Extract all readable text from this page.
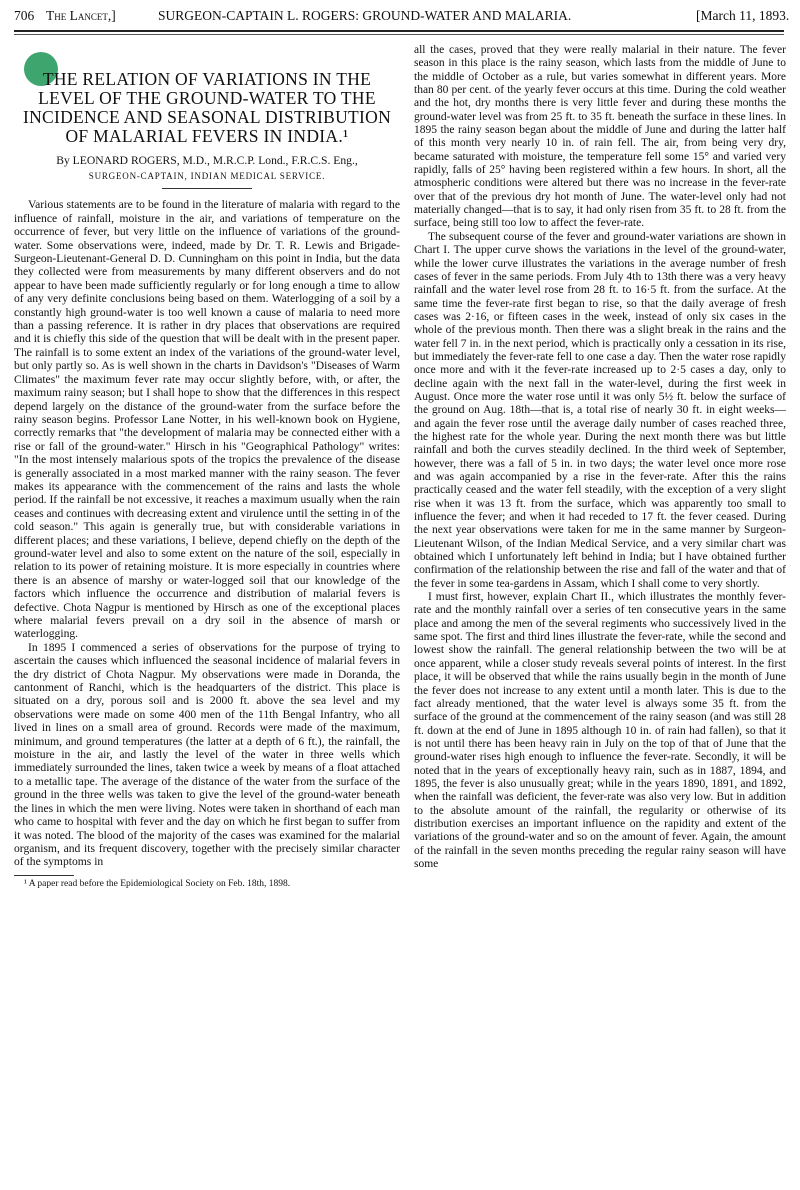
706 The Lancet,]	SURGEON-CAPTAIN L. ROGERS: GROUND-WATER AND MALARIA.	[March 11, 1893.
THE RELATION OF VARIATIONS IN THE LEVEL OF THE GROUND-WATER TO THE INCIDENCE AND SEASONAL DISTRIBUTION OF MALARIAL FEVERS IN INDIA.¹
By LEONARD ROGERS, M.D., M.R.C.P. Lond., F.R.C.S. Eng.,
SURGEON-CAPTAIN, INDIAN MEDICAL SERVICE.

Various statements are to be found in the literature of malaria with regard to the influence of rainfall, moisture in the air, and variations of temperature on the occurrence of fever, but very little on the influence of variations of the ground-water. Some observations were, indeed, made by Dr. T. R. Lewis and Brigade-Surgeon-Lieutenant-General D. D. Cunningham on this point in India, but the data they collected were from measurements by many different observers and do not appear to have been made sufficiently regularly or for long enough a time to allow of any very definite conclusions being based on them. Waterlogging of a soil by a constantly high ground-water is too well known a cause of malaria to need more than a passing reference. It is rather in dry places that observations are required and it is chiefly this side of the question that will be dealt with in the present paper. The rainfall is to some extent an index of the variations of the ground-water level, but only partly so. As is well shown in the charts in Davidson's "Diseases of Warm Climates" the maximum fever rate may occur slightly before, with, or after, the maximum rainy season; but I shall hope to show that the differences in this respect depend largely on the distance of the ground-water from the surface before the rainy season begins. Professor Lane Notter, in his well-known book on Hygiene, correctly remarks that "the development of malaria may be connected either with a rise or fall of the ground-water." Hirsch in his "Geographical Pathology" writes: "In the most intensely malarious spots of the tropics the prevalence of the disease is generally associated in a most marked manner with the rainy season. The fever makes its appearance with the commencement of the rains and lasts the whole period. If the rainfall be not excessive, it reaches a maximum usually when the rain ceases and continues with decreasing extent and virulence until the setting in of the cold season." This again is generally true, but with considerable variations in different places; and these variations, I believe, depend chiefly on the depth of the ground-water level and also to some extent on the nature of the soil, especially in relation to its power of retaining moisture. It is more especially in countries where there is an absence of marshy or water-logged soil that our knowledge of the factors which influence the occurrence and distribution of malarial fevers is defective. Chota Nagpur is mentioned by Hirsch as one of the exceptional places where malarial fevers prevail on a dry soil in the absence of marsh or waterlogging.

In 1895 I commenced a series of observations for the purpose of trying to ascertain the causes which influenced the seasonal incidence of malarial fevers in the dry district of Chota Nagpur. My observations were made in Doranda, the cantonment of Ranchi, which is the headquarters of the district. This place is situated on a dry, porous soil and is 2000 ft. above the sea level and my observations were made on some 400 men of the 11th Bengal Infantry, who all lived in lines on a small area of ground. Records were made of the maximum, minimum, and ground temperatures (the latter at a depth of 6 ft.), the rainfall, the moisture in the air, and lastly the level of the water in three wells which immediately surrounded the lines, taken twice a week by means of a float attached to a metallic tape. The average of the distance of the water from the surface of the ground in the three wells was taken to give the level of the ground-water beneath the lines in which the men were living. Notes were taken in shorthand of each man who came to hospital with fever and the day on which he first began to suffer from it was noted. The blood of the majority of the cases was examined for the malarial organism, and its frequent discovery, together with the precisely similar character of the symptoms in

¹ A paper read before the Epidemiological Society on Feb. 18th, 1898.

all the cases, proved that they were really malarial in their nature. The fever season in this place is the rainy season, which lasts from the middle of June to the middle of October as a rule, but varies somewhat in different years. More than 80 per cent. of the yearly fever occurs at this time. During the cold weather and the hot, dry months there is very little fever and during these months the ground-water level was from 25 ft. to 35 ft. beneath the surface in these lines. In 1895 the rainy season began about the middle of June and during the latter half of this month very nearly 10 in. of rain fell. The air, from being very dry, became saturated with moisture, the temperature fell some 15° and varied very rapidly, falls of 25° having been registered within a few hours. In short, all the atmospheric conditions were altered but there was no increase in the fever-rate over that of the previous dry hot month of June. The water-level only had not materially changed—that is to say, it had only risen from 35 ft. to 28 ft. from the surface, being still too low to affect the fever-rate.

The subsequent course of the fever and ground-water variations are shown in Chart I. The upper curve shows the variations in the level of the ground-water, while the lower curve illustrates the variations in the average number of fresh cases of fever in the same periods. From July 4th to 13th there was a very heavy rainfall and the water level rose from 28 ft. to 16·5 ft. from the surface. At the same time the fever-rate first began to rise, so that the daily average of fresh cases was 2·16, or fifteen cases in the week, instead of only six cases in the whole of the previous month. Then there was a slight break in the rains and the water fell 7 in. in the next period, which is practically only a cessation in its rise, but immediately the fever-rate fell to one case a day. Then the water rose rapidly once more and with it the fever-rate increased up to 2·5 cases a day, only to decline again with the next fall in the water-level, during the first week in August. Once more the water rose until it was only 5½ ft. below the surface of the ground on Aug. 18th—that is, a total rise of nearly 30 ft. in eight weeks—and again the fever rose until the average daily number of cases reached three, the highest rate for the whole year. During the next month there was but little rainfall and both the curves steadily declined. In the third week of September, however, there was a fall of 5 in. in two days; the water level once more rose and was again accompanied by a rise in the fever-rate. After this the rains practically ceased and the water fell steadily, with the exception of a very slight rise when it was 13 ft. from the surface, which was apparently too small to influence the fever; and when it had receded to 17 ft. the fever ceased. During the next year observations were taken for me in the same manner by Surgeon-Lieutenant Wilson, of the Indian Medical Service, and a very similar chart was obtained which I unfortunately left behind in India; but I have obtained further confirmation of the relationship between the rise and fall of the water and that of the fever in some tea-gardens in Assam, which I shall come to very shortly.

I must first, however, explain Chart II., which illustrates the monthly fever-rate and the monthly rainfall over a series of ten consecutive years in the same place and among the men of the several regiments who successively lived in the same spot. The first and third lines illustrate the fever-rate, while the second and lowest show the rainfall. The general relationship between the two will be at once apparent, while a closer study reveals several points of interest. In the first place, it will be observed that while the rains usually begin in the month of June the fever does not increase to any extent until a month later. This is due to the fact already mentioned, that the water level is always some 35 ft. from the surface of the ground at the commencement of the rainy season (and was still 28 ft. down at the end of June in 1895 although 10 in. of rain had fallen), so that it is not until there has been heavy rain in July on the top of that of June that the ground-water rises high enough to influence the fever-rate. Secondly, it will be noted that in the years of exceptionally heavy rain, such as in 1887, 1894, and 1895, the fever is also unusually great; while in the years 1890, 1891, and 1892, when the rainfall was deficient, the fever-rate was also very low. But in addition to the absolute amount of the rainfall, the regularity or otherwise of its distribution exercises an important influence on the rapidity and extent of the variations of the ground-water and so on the amount of fever. Again, the amount of the rainfall in the seven months preceding the regular rainy season will have some
